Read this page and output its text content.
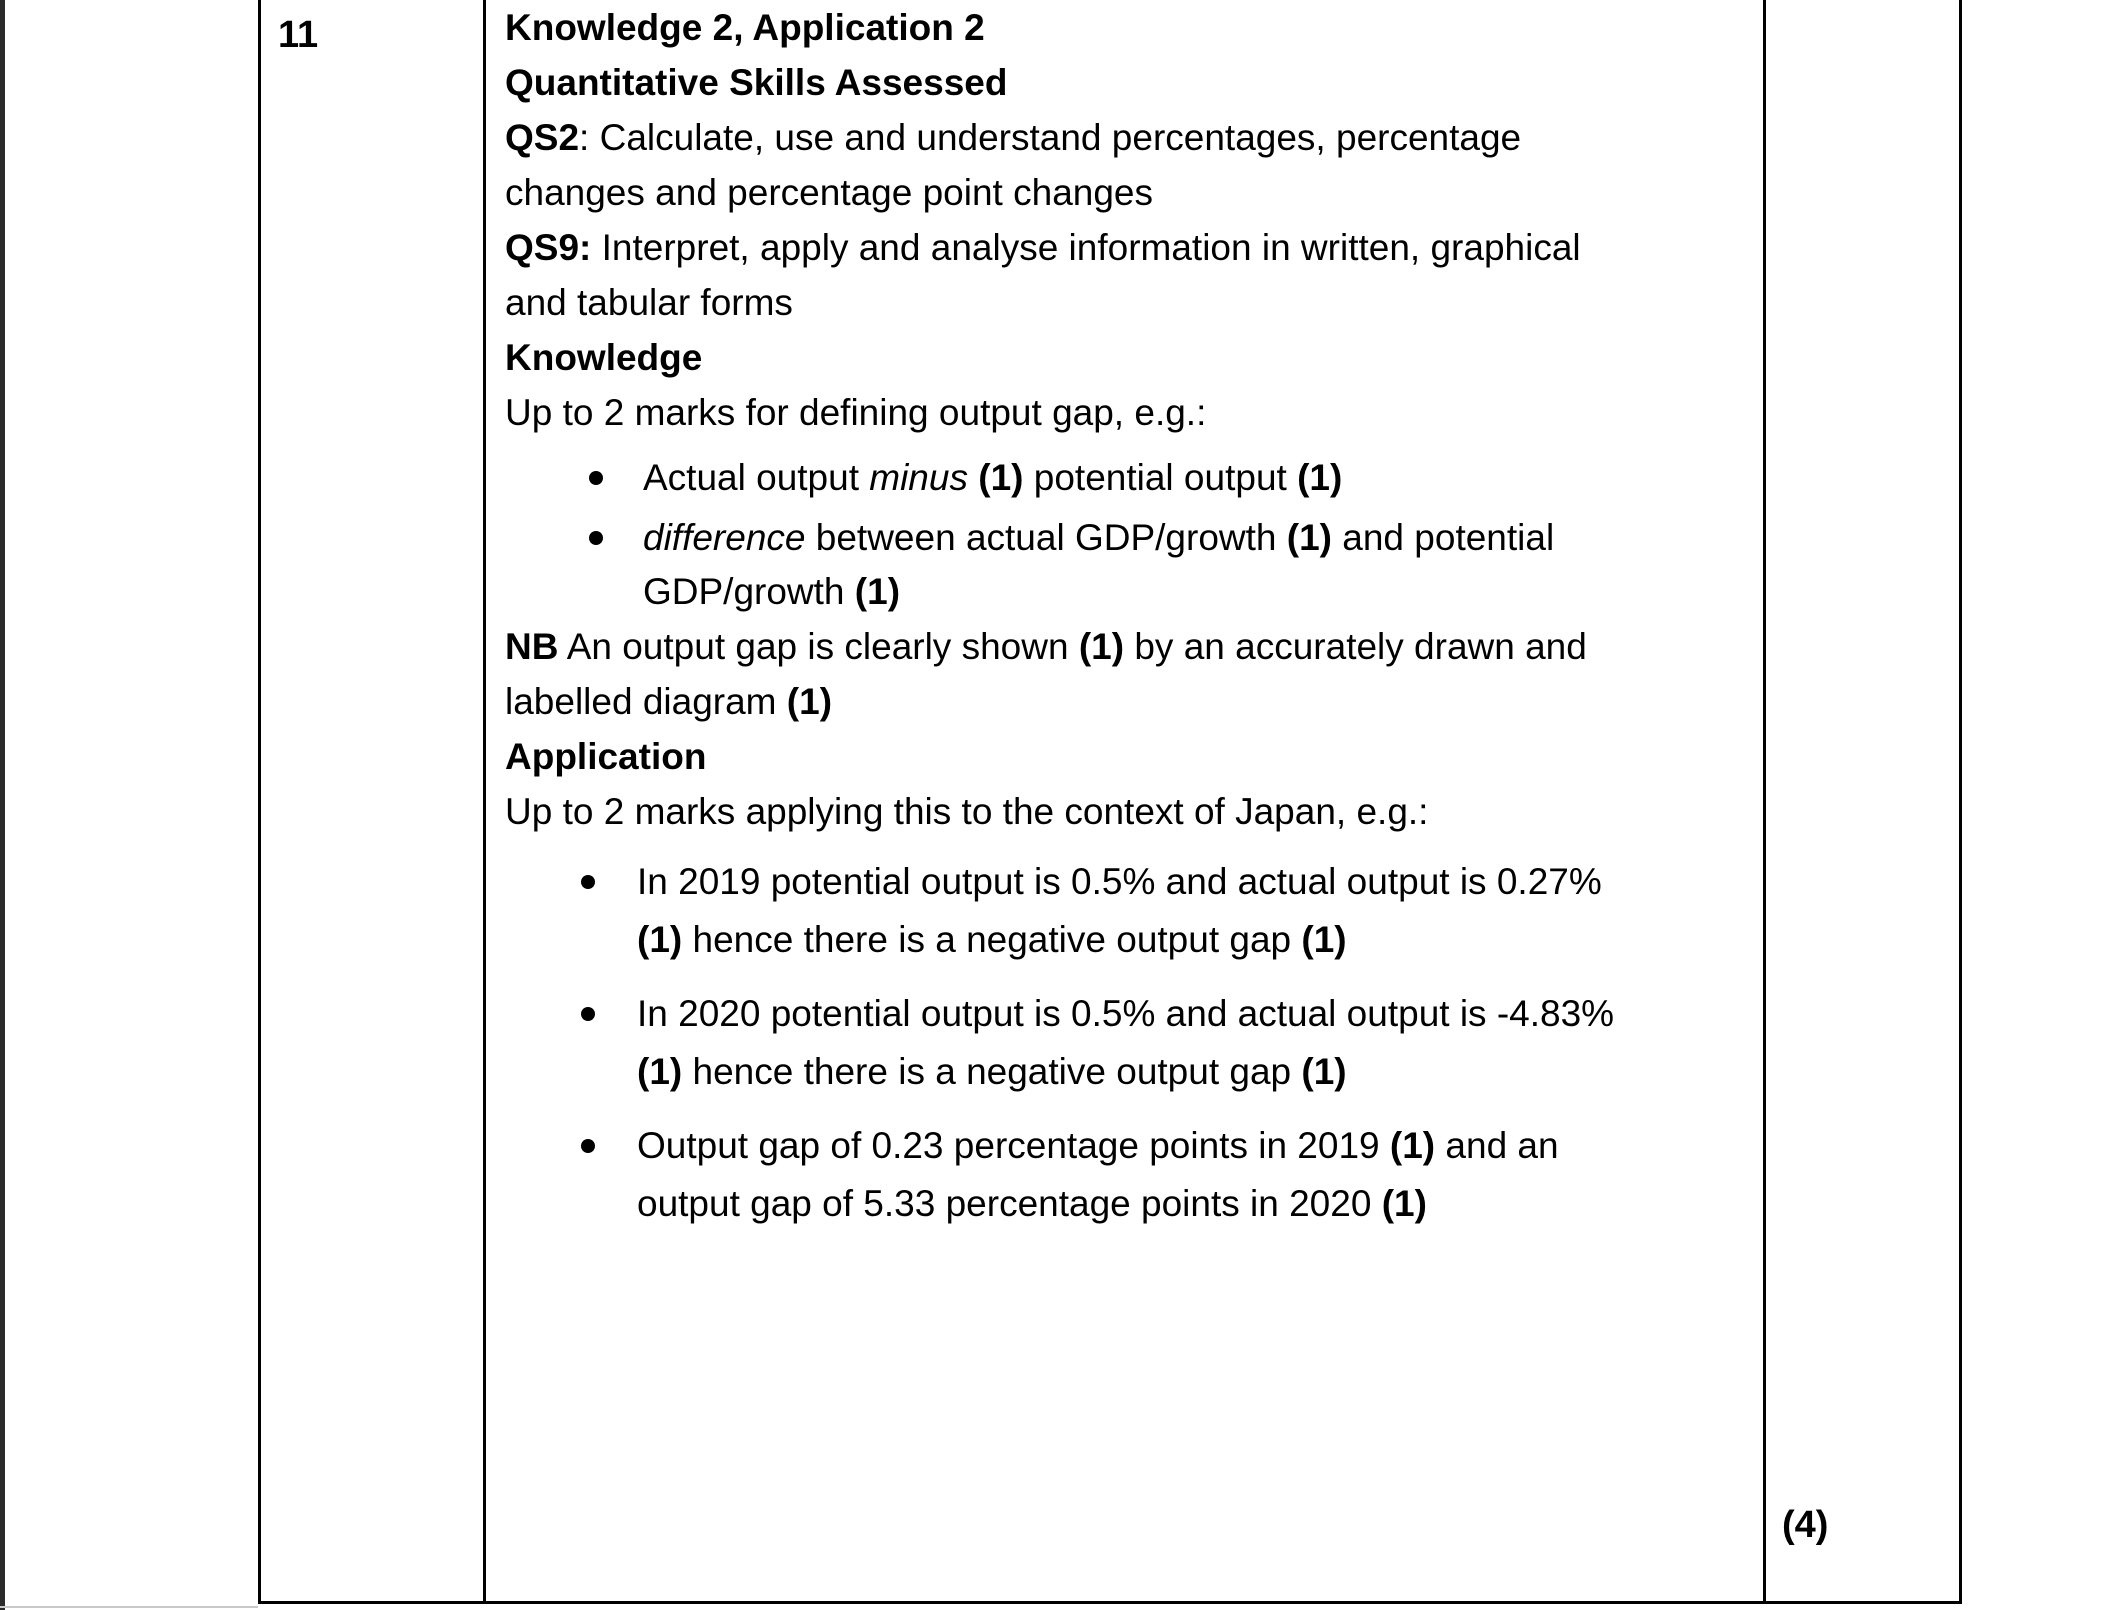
11	Knowledge 2, Application 2

Quantitative Skills Assessed

QS2: Calculate, use and understand percentages, percentage
changes and percentage point changes

QS9: Interpret, apply and analyse information in written, graphical
and tabular forms

Knowledge

Up to 2 marks for defining output gap, e.g.:

Actual output minus (1) potential output (1)
difference between actual GDP/growth (1) and potential
GDP/growth (1)

NB An output gap is clearly shown (1) by an accurately drawn and
labelled diagram (1)

Application

Up to 2 marks applying this to the context of Japan, e.g.:

In 2019 potential output is 0.5% and actual output is 0.27%
(1) hence there is a negative output gap (1)
In 2020 potential output is 0.5% and actual output is -4.83%
(1) hence there is a negative output gap (1)
Output gap of 0.23 percentage points in 2019 (1) and an
output gap of 5.33 percentage points in 2020 (1)
(4)
